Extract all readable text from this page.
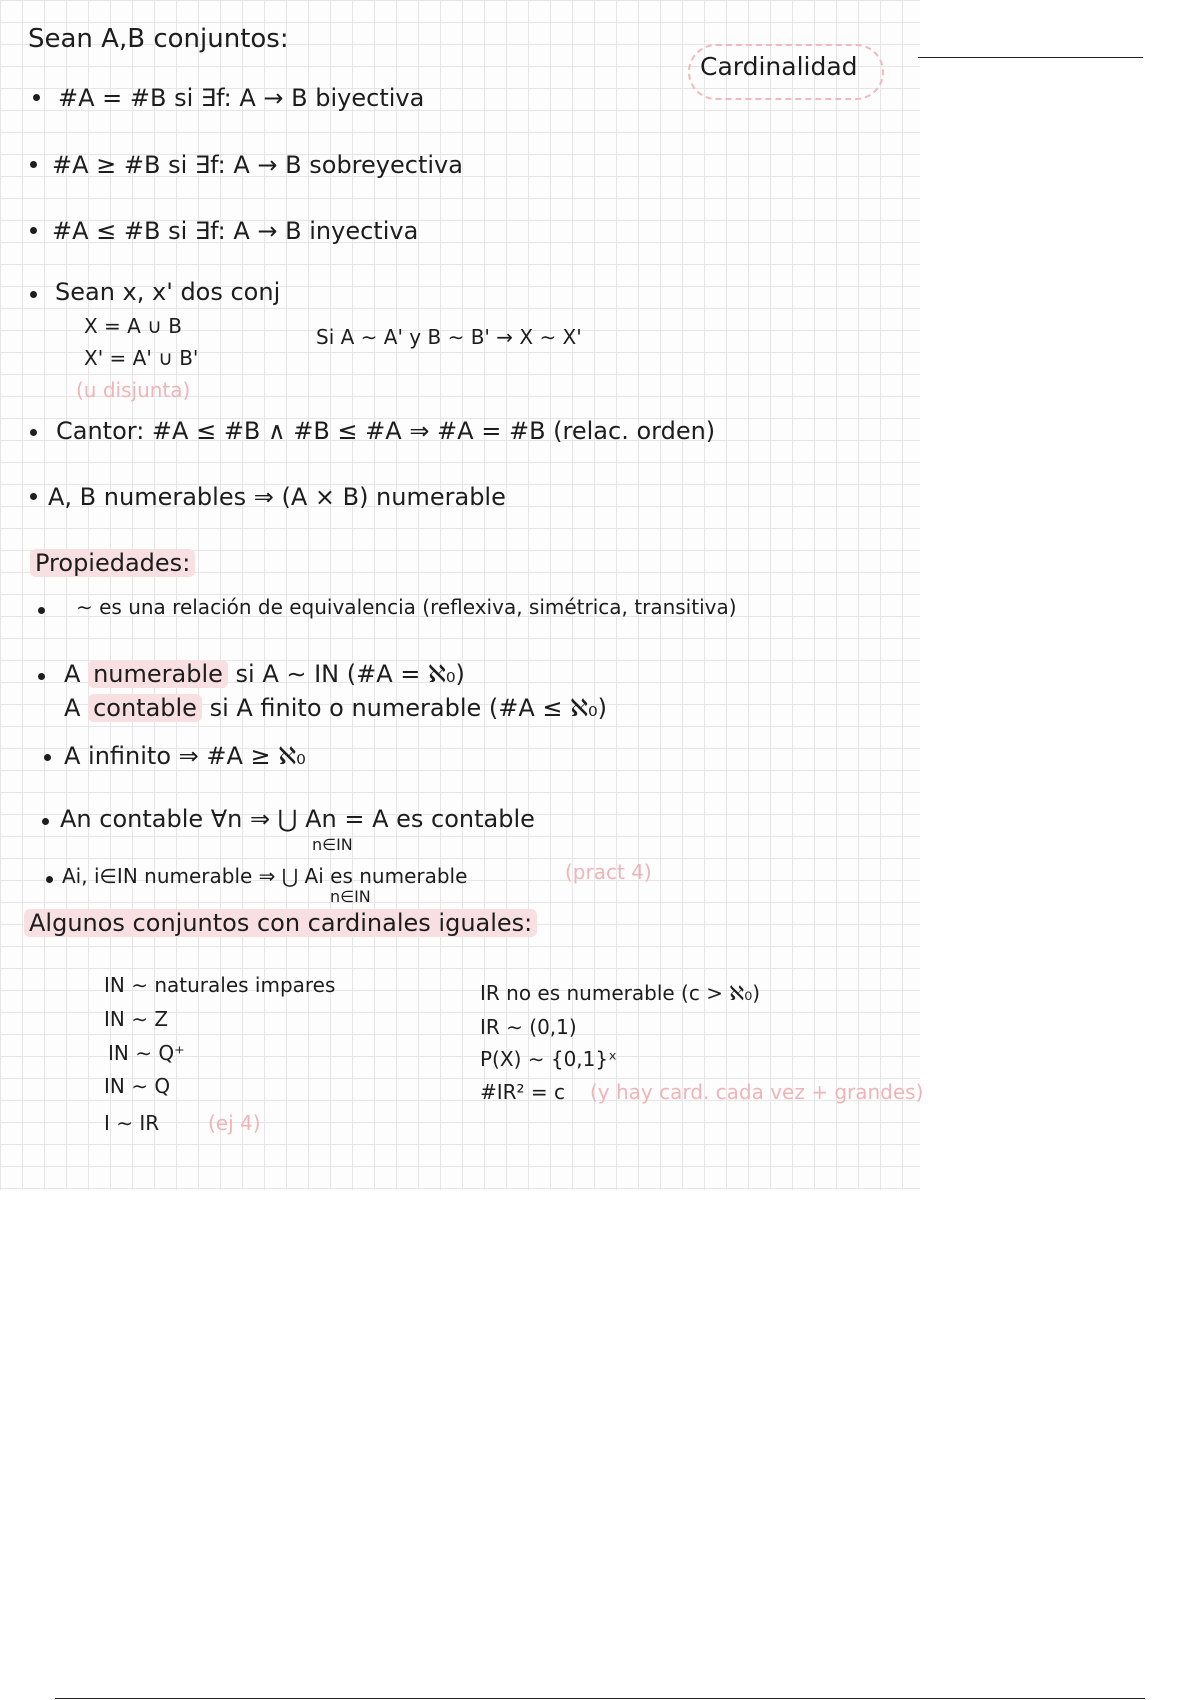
Sean A,B conjuntos:
Cardinalidad
#A = #B si ∃f: A → B biyectiva
#A ≥ #B si ∃f: A → B sobreyectiva
#A ≤ #B si ∃f: A → B inyectiva
Sean x, x' dos conj
X = A ∪ B
X' = A' ∪ B'
(u disjunta)
Si A ∼ A' y B ∼ B' → X ∼ X'
Cantor: #A ≤ #B ∧ #B ≤ #A ⇒ #A = #B (relac. orden)
A, B numerables ⇒ (A × B) numerable
Propiedades:
∼ es una relación de equivalencia (reflexiva, simétrica, transitiva)
A numerable si A ∼ IN (#A = ℵ₀)
A contable si A finito o numerable (#A ≤ ℵ₀)
A infinito ⇒ #A ≥ ℵ₀
An contable ∀n ⇒ ⋃ An = A es contable
n∈IN
Ai, i∈IN numerable ⇒ ⋃ Ai es numerable
n∈IN
(pract 4)
Algunos conjuntos con cardinales iguales:
IN ∼ naturales impares
IN ∼ Z
IN ∼ Q⁺
IN ∼ Q
I ∼ IR (ej 4)
IR no es numerable (c > ℵ₀)
IR ∼ (0,1)
P(X) ∼ {0,1}ˣ
#IR² = c (y hay card. cada vez + grandes)
